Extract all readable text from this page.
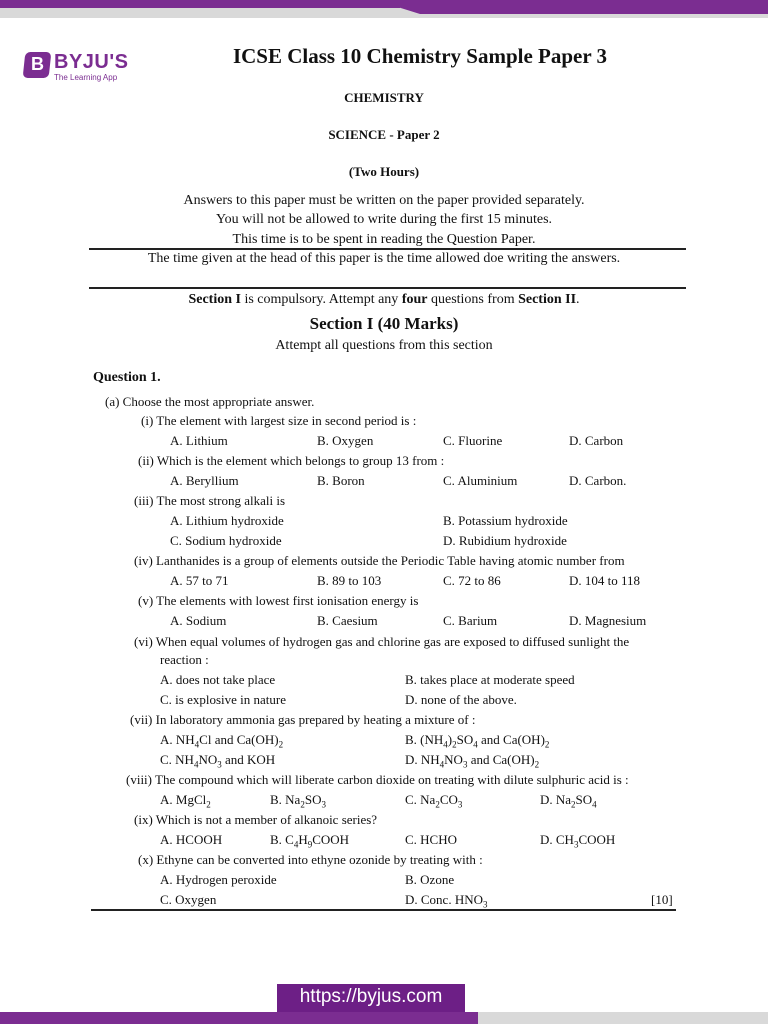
B BYJU'S
The Learning App
ICSE Class 10 Chemistry Sample Paper 3
CHEMISTRY
SCIENCE - Paper 2
(Two Hours)
Answers to this paper must be written on the paper provided separately.
You will not be allowed to write during the first 15 minutes.
This time is to be spent in reading the Question Paper.
The time given at the head of this paper is the time allowed doe writing the answers.
Section I is compulsory. Attempt any four questions from Section II.
Section I (40 Marks)
Attempt all questions from this section
Question 1.
(a) Choose the most appropriate answer.
(i) The element with largest size in second period is :
A. Lithium	B. Oxygen	C. Fluorine	D. Carbon
(ii) Which is the element which belongs to group 13 from :
A. Beryllium	B. Boron	C. Aluminium	D. Carbon.
(iii) The most strong alkali is
A. Lithium hydroxide	B. Potassium hydroxide
C. Sodium hydroxide	D. Rubidium hydroxide
(iv) Lanthanides is a group of elements outside the Periodic Table having atomic number from
A. 57 to 71	B. 89 to 103	C. 72 to 86	D. 104 to 118
(v) The elements with lowest first ionisation energy is
A. Sodium	B. Caesium	C. Barium	D. Magnesium
(vi) When equal volumes of hydrogen gas and chlorine gas are exposed to diffused sunlight the
reaction :
A. does not take place	B. takes place at moderate speed
C. is explosive in nature	D. none of the above.
(vii) In laboratory ammonia gas prepared by heating a mixture of :
A. $NH_4Cl$ and $Ca(OH)_2$	B. $(NH_4)_2SO_4$ and $Ca(OH)_2$
C. $NH_4NO_3$ and KOH	D. $NH_4NO_3$ and $Ca(OH)_2$
(viii) The compound which will liberate carbon dioxide on treating with dilute sulphuric acid is :
A. MgCl$_2$	B. $Na_2SO_3$	C. $Na_2CO_3$	D. $Na_2SO_4$
(ix) Which is not a member of alkanoic series?
A. HCOOH	B. $C_4H_9COOH$	C. HCHO	D. $CH_3COOH$
(x) Ethyne can be converted into ethyne ozonide by treating with :
A. Hydrogen peroxide	B. Ozone
C. Oxygen	D. Conc. $HNO_3$	[10]
https://byjus.com
